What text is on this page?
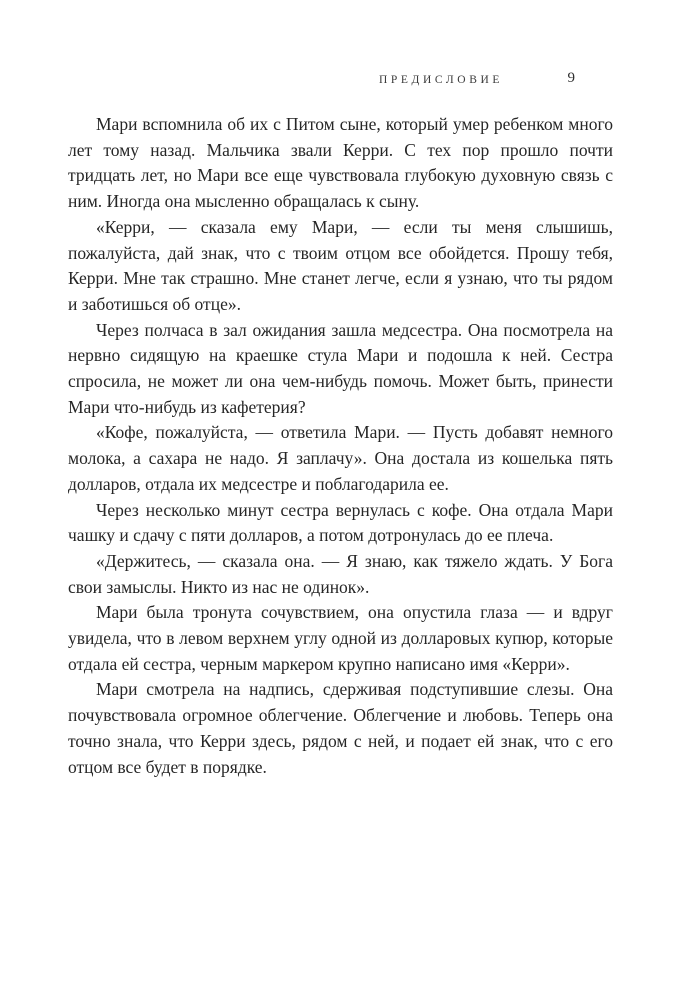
ПРЕДИСЛОВИЕ	9

Мари вспомнила об их с Питом сыне, который умер ребенком много лет тому назад. Мальчика звали Керри. С тех пор прошло почти тридцать лет, но Мари все еще чувствовала глубокую духовную связь с ним. Иногда она мысленно обращалась к сыну.

«Керри, — сказала ему Мари, — если ты меня слышишь, пожалуйста, дай знак, что с твоим отцом все обойдется. Прошу тебя, Керри. Мне так страшно. Мне станет легче, если я узнаю, что ты рядом и заботишься об отце».

Через полчаса в зал ожидания зашла медсестра. Она посмотрела на нервно сидящую на краешке стула Мари и подошла к ней. Сестра спросила, не может ли она чем-нибудь помочь. Может быть, принести Мари что-нибудь из кафетерия?

«Кофе, пожалуйста, — ответила Мари. — Пусть добавят немного молока, а сахара не надо. Я заплачу». Она достала из кошелька пять долларов, отдала их медсестре и поблагодарила ее.

Через несколько минут сестра вернулась с кофе. Она отдала Мари чашку и сдачу с пяти долларов, а потом дотронулась до ее плеча.

«Держитесь, — сказала она. — Я знаю, как тяжело ждать. У Бога свои замыслы. Никто из нас не одинок».

Мари была тронута сочувствием, она опустила глаза — и вдруг увидела, что в левом верхнем углу одной из долларовых купюр, которые отдала ей сестра, черным маркером крупно написано имя «Керри».

Мари смотрела на надпись, сдерживая подступившие слезы. Она почувствовала огромное облегчение. Облегчение и любовь. Теперь она точно знала, что Керри здесь, рядом с ней, и подает ей знак, что с его отцом все будет в порядке.
